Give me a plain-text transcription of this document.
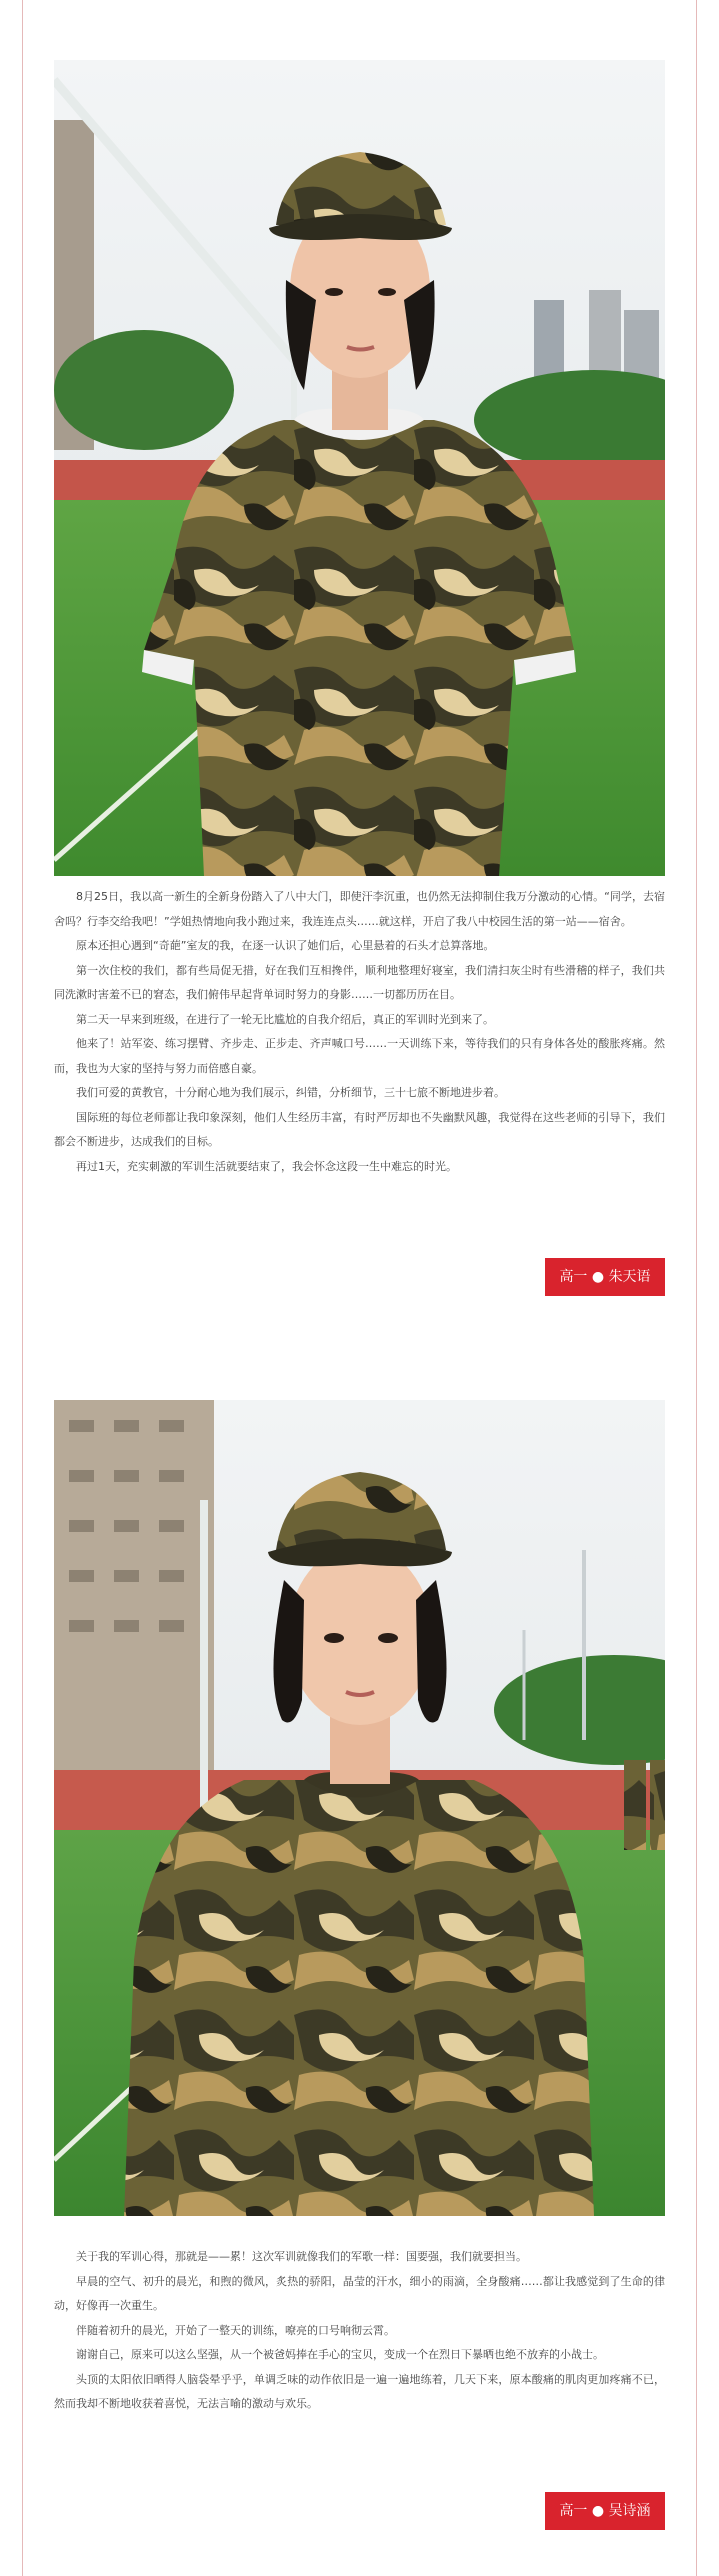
8月25日，我以高一新生的全新身份踏入了八中大门，即使汗李沉重，也仍然无法抑制住我万分激动的心情。“同学，去宿舍吗？行李交给我吧！”学姐热情地向我小跑过来，我连连点头……就这样，开启了我八中校园生活的第一站——宿舍。

原本还担心遇到“奇葩”室友的我，在逐一认识了她们后，心里悬着的石头才总算落地。

第一次住校的我们，都有些局促无措，好在我们互相搀伴，顺利地整理好寝室，我们清扫灰尘时有些滑稽的样子，我们共同洗漱时害羞不已的窘态，我们俯伟早起背单词时努力的身影……一切都历历在目。

第二天一早来到班级，在进行了一轮无比尴尬的自我介绍后，真正的军训时光到来了。

他来了！站军姿、练习摆臂、齐步走、正步走、齐声喊口号……一天训练下来，等待我们的只有身体各处的酸胀疼痛。然而，我也为大家的坚持与努力而倍感自豪。

我们可爱的黄教官，十分耐心地为我们展示，纠错，分析细节，三十七旅不断地进步着。

国际班的每位老师都让我印象深刻，他们人生经历丰富，有时严厉却也不失幽默风趣，我觉得在这些老师的引导下，我们都会不断进步，达成我们的目标。

再过1天，充实刺激的军训生活就要结束了，我会怀念这段一生中难忘的时光。

高一 ● 朱天语

关于我的军训心得，那就是——累！这次军训就像我们的军歌一样：国要强，我们就要担当。

早晨的空气、初升的晨光，和煦的微风，炙热的骄阳，晶莹的汗水，细小的雨滴，全身酸痛……都让我感觉到了生命的律动，好像再一次重生。

伴随着初升的晨光，开始了一整天的训练，嘹亮的口号响彻云霄。

谢谢自己，原来可以这么坚强，从一个被爸妈捧在手心的宝贝，变成一个在烈日下暴晒也绝不放弃的小战士。

头顶的太阳依旧晒得人脑袋晕乎乎，单调乏味的动作依旧是一遍一遍地练着，几天下来，原本酸痛的肌肉更加疼痛不已，然而我却不断地收获着喜悦，无法言喻的激动与欢乐。

高一 ● 吴诗涵
